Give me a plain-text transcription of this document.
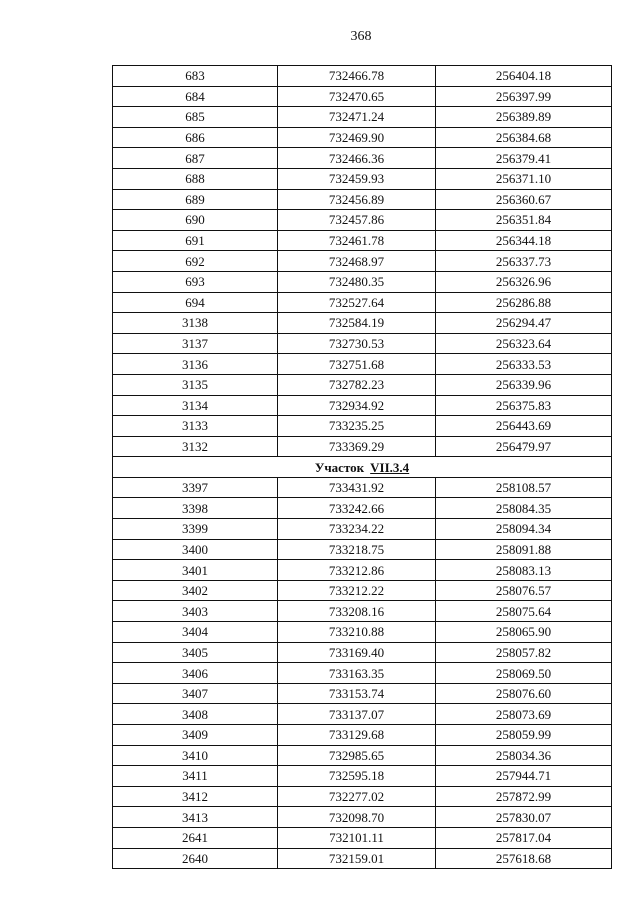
368
683	732466.78	256404.18
684	732470.65	256397.99
685	732471.24	256389.89
686	732469.90	256384.68
687	732466.36	256379.41
688	732459.93	256371.10
689	732456.89	256360.67
690	732457.86	256351.84
691	732461.78	256344.18
692	732468.97	256337.73
693	732480.35	256326.96
694	732527.64	256286.88
3138	732584.19	256294.47
3137	732730.53	256323.64
3136	732751.68	256333.53
3135	732782.23	256339.96
3134	732934.92	256375.83
3133	733235.25	256443.69
3132	733369.29	256479.97
Участок VII.3.4		
3397	733431.92	258108.57
3398	733242.66	258084.35
3399	733234.22	258094.34
3400	733218.75	258091.88
3401	733212.86	258083.13
3402	733212.22	258076.57
3403	733208.16	258075.64
3404	733210.88	258065.90
3405	733169.40	258057.82
3406	733163.35	258069.50
3407	733153.74	258076.60
3408	733137.07	258073.69
3409	733129.68	258059.99
3410	732985.65	258034.36
3411	732595.18	257944.71
3412	732277.02	257872.99
3413	732098.70	257830.07
2641	732101.11	257817.04
2640	732159.01	257618.68
